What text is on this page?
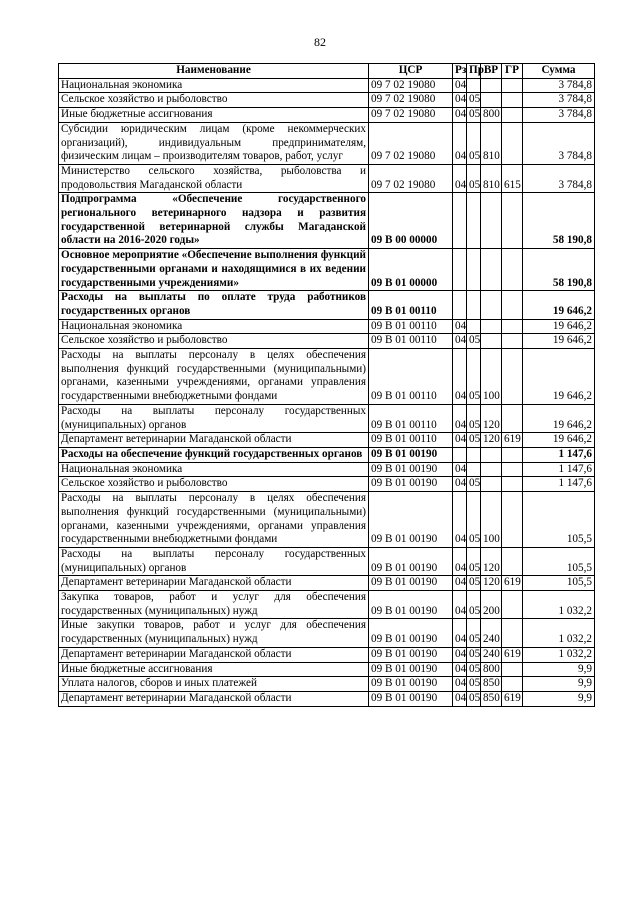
82
Наименование	ЦСР	Рз	Пр	ВР	ГР	Сумма
Национальная экономика	09 7 02 19080	04				3 784,8
Сельское хозяйство и рыболовство	09 7 02 19080	04	05			3 784,8
Иные бюджетные ассигнования	09 7 02 19080	04	05	800		3 784,8
Субсидии юридическим лицам (кроме некоммерческих организаций), индивидуальным предпринимателям, физическим лицам – производителям товаров, работ, услуг	09 7 02 19080	04	05	810		3 784,8
Министерство сельского хозяйства, рыболовства и продовольствия Магаданской области	09 7 02 19080	04	05	810	615	3 784,8
Подпрограмма «Обеспечение государственного регионального ветеринарного надзора и развития государственной ветеринарной службы Магаданской области на 2016-2020 годы»	09 В 00 00000					58 190,8
Основное мероприятие «Обеспечение выполнения функций государственными органами и находящимися в их ведении государственными учреждениями»	09 В 01 00000					58 190,8
Расходы на выплаты по оплате труда работников государственных органов	09 В 01 00110					19 646,2
Национальная экономика	09 В 01 00110	04				19 646,2
Сельское хозяйство и рыболовство	09 В 01 00110	04	05			19 646,2
Расходы на выплаты персоналу в целях обеспечения выполнения функций государственными (муниципальными) органами, казенными учреждениями, органами управления государственными внебюджетными фондами	09 В 01 00110	04	05	100		19 646,2
Расходы на выплаты персоналу государственных (муниципальных) органов	09 В 01 00110	04	05	120		19 646,2
Департамент ветеринарии Магаданской области	09 В 01 00110	04	05	120	619	19 646,2
Расходы на обеспечение функций государственных органов	09 В 01 00190					1 147,6
Национальная экономика	09 В 01 00190	04				1 147,6
Сельское хозяйство и рыболовство	09 В 01 00190	04	05			1 147,6
Расходы на выплаты персоналу в целях обеспечения выполнения функций государственными (муниципальными) органами, казенными учреждениями, органами управления государственными внебюджетными фондами	09 В 01 00190	04	05	100		105,5
Расходы на выплаты персоналу государственных (муниципальных) органов	09 В 01 00190	04	05	120		105,5
Департамент ветеринарии Магаданской области	09 В 01 00190	04	05	120	619	105,5
Закупка товаров, работ и услуг для обеспечения государственных (муниципальных) нужд	09 В 01 00190	04	05	200		1 032,2
Иные закупки товаров, работ и услуг для обеспечения государственных (муниципальных) нужд	09 В 01 00190	04	05	240		1 032,2
Департамент ветеринарии Магаданской области	09 В 01 00190	04	05	240	619	1 032,2
Иные бюджетные ассигнования	09 В 01 00190	04	05	800		9,9
Уплата налогов, сборов и иных платежей	09 В 01 00190	04	05	850		9,9
Департамент ветеринарии Магаданской области	09 В 01 00190	04	05	850	619	9,9
